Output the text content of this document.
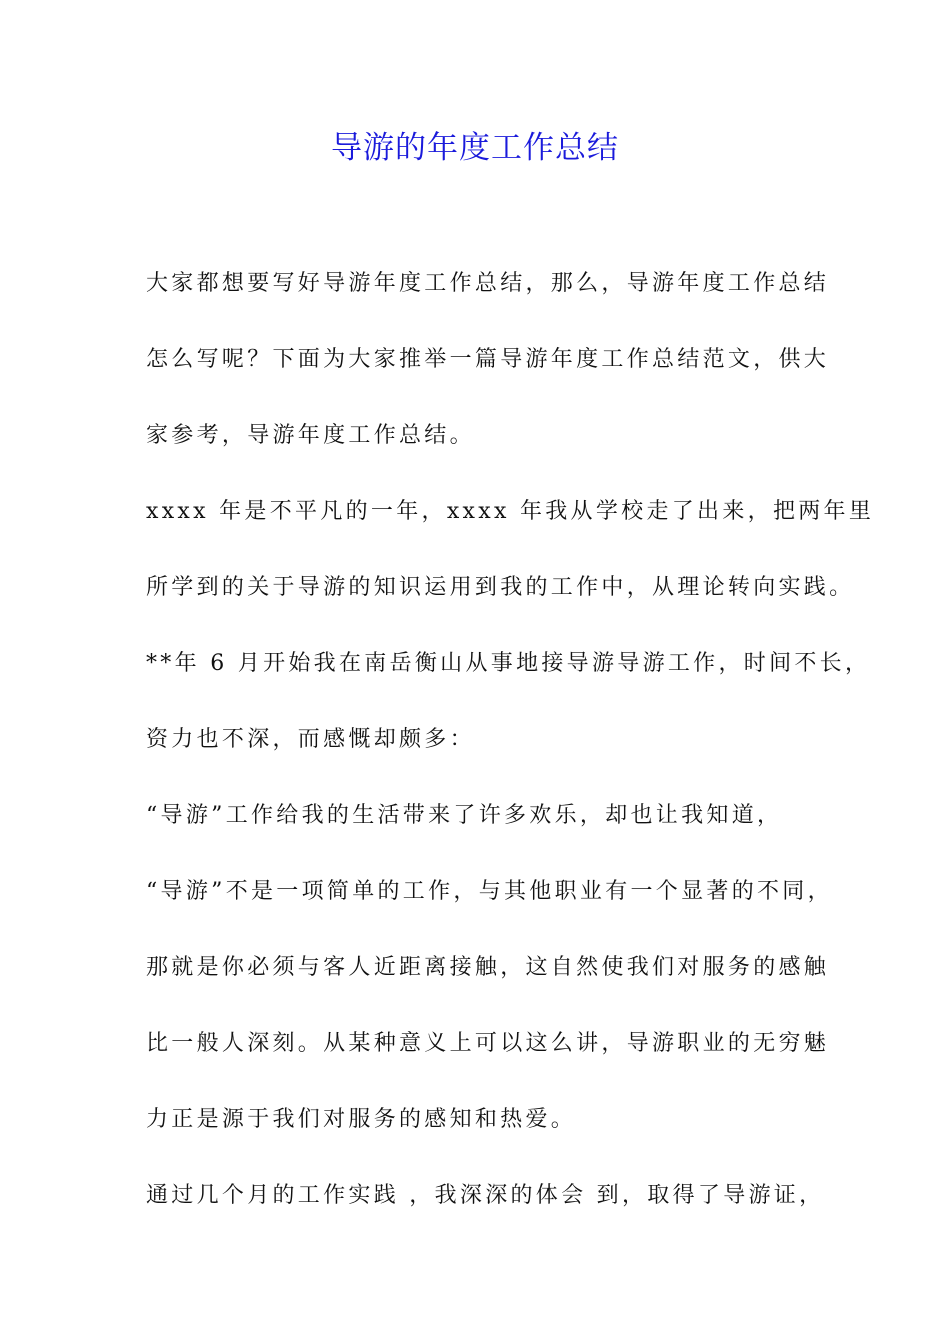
导游的年度工作总结
大家都想要写好导游年度工作总结，那么，导游年度工作总结
怎么写呢？下面为大家推举一篇导游年度工作总结范文，供大
家参考，导游年度工作总结。
xxxx 年是不平凡的一年，xxxx 年我从学校走了出来，把两年里
所学到的关于导游的知识运用到我的工作中，从理论转向实践。
**年 6 月开始我在南岳衡山从事地接导游导游工作，时间不长，
资力也不深，而感慨却颇多：
“导游”工作给我的生活带来了许多欢乐，却也让我知道，
“导游”不是一项简单的工作，与其他职业有一个显著的不同，
那就是你必须与客人近距离接触，这自然使我们对服务的感触
比一般人深刻。从某种意义上可以这么讲，导游职业的无穷魅
力正是源于我们对服务的感知和热爱。
通过几个月的工作实践 ，我深深的体会 到，取得了导游证，
